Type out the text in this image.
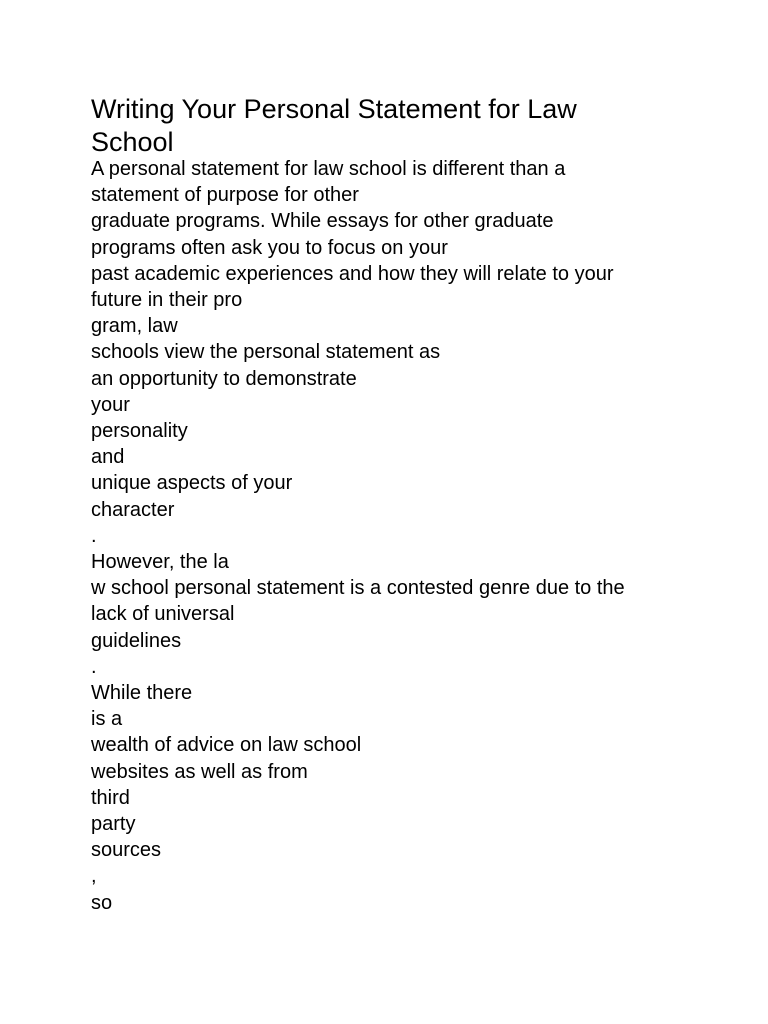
Writing Your Personal Statement for Law
School
A personal statement for law school is different than a
statement of purpose for other
graduate programs. While essays for other graduate
programs often ask you to focus on your
past academic experiences and how they will relate to your
future in their pro
gram, law
schools view the personal statement as
an opportunity to demonstrate
your
personality
and
unique aspects of your
character
.
However, the la
w school personal statement is a contested genre due to the
lack of universal
guidelines
.
While there
is a
wealth of advice on law school
websites as well as from
third
party
sources
,
so
